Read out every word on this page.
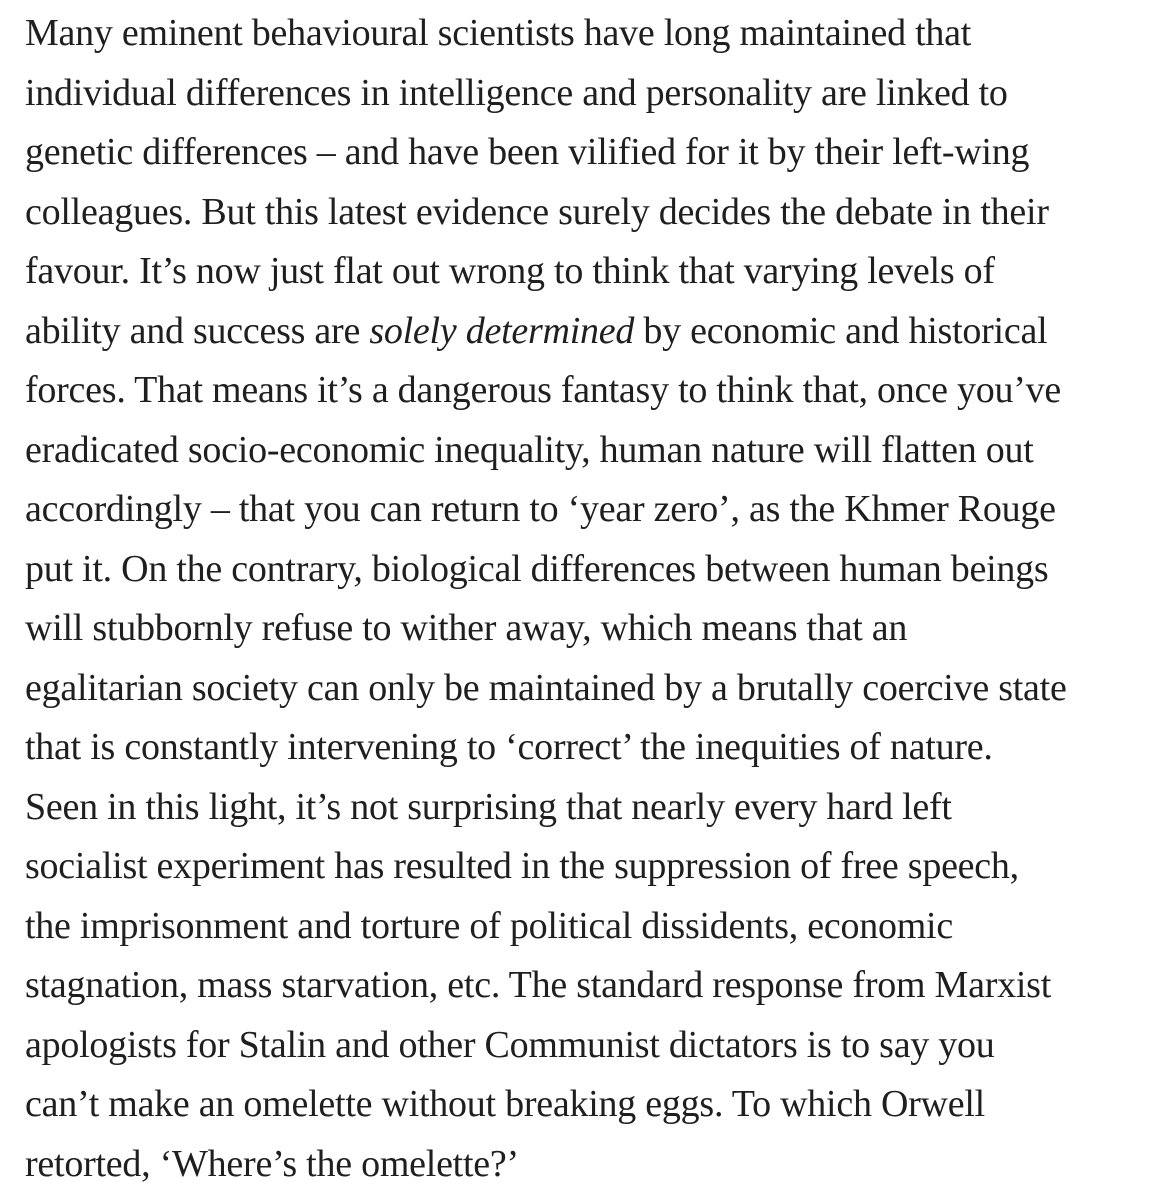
Many eminent behavioural scientists have long maintained that
individual differences in intelligence and personality are linked to
genetic differences – and have been vilified for it by their left-wing
colleagues. But this latest evidence surely decides the debate in their
favour. It’s now just flat out wrong to think that varying levels of
ability and success are solely determined by economic and historical
forces. That means it’s a dangerous fantasy to think that, once you’ve
eradicated socio-economic inequality, human nature will flatten out
accordingly – that you can return to ‘year zero’, as the Khmer Rouge
put it. On the contrary, biological differences between human beings
will stubbornly refuse to wither away, which means that an
egalitarian society can only be maintained by a brutally coercive state
that is constantly intervening to ‘correct’ the inequities of nature.
Seen in this light, it’s not surprising that nearly every hard left
socialist experiment has resulted in the suppression of free speech,
the imprisonment and torture of political dissidents, economic
stagnation, mass starvation, etc. The standard response from Marxist
apologists for Stalin and other Communist dictators is to say you
can’t make an omelette without breaking eggs. To which Orwell
retorted, ‘Where’s the omelette?’
